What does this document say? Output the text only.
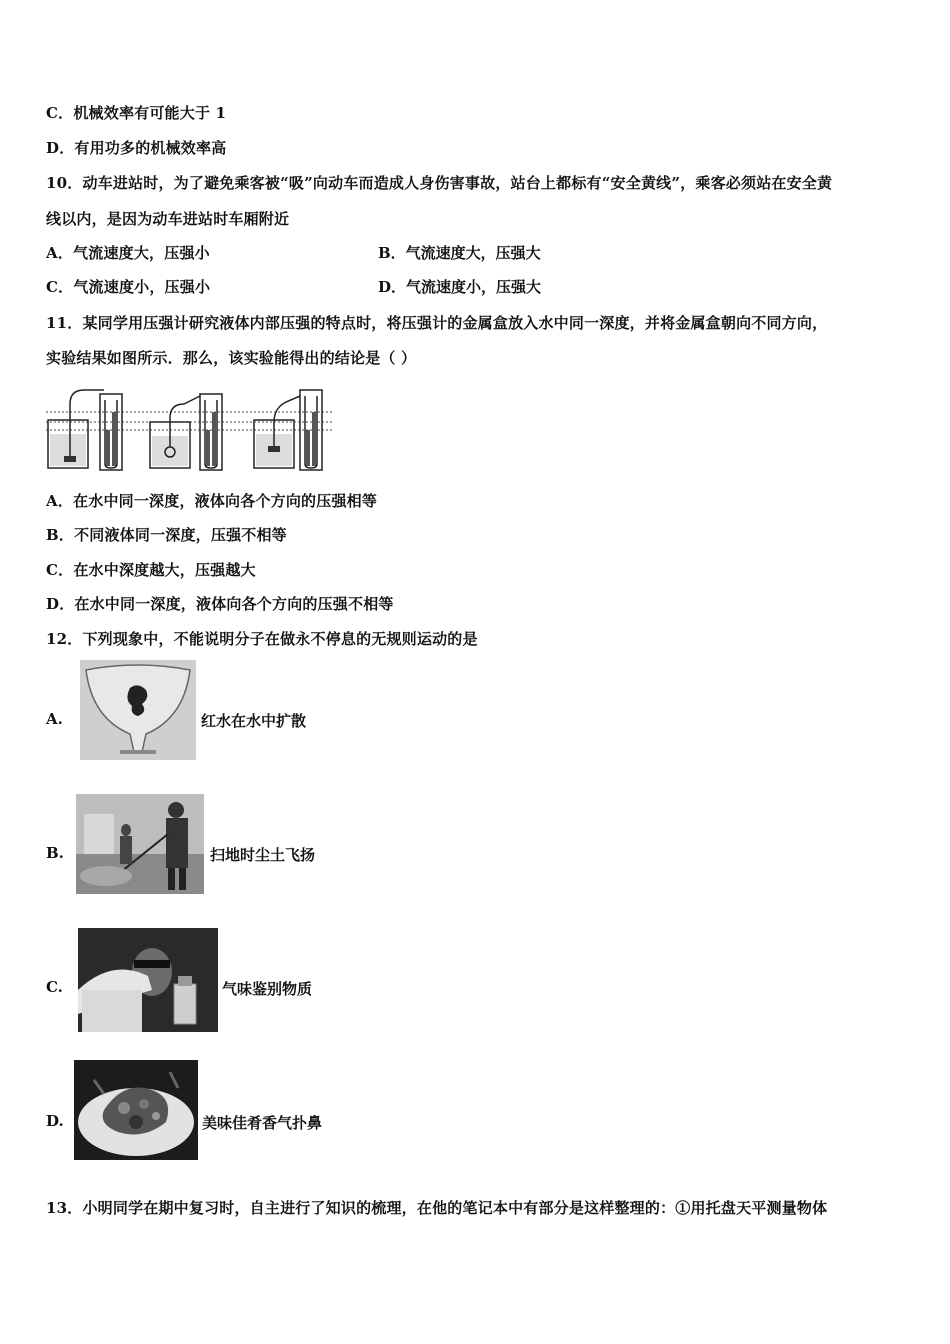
C．机械效率有可能大于 1
D．有用功多的机械效率高
10．动车进站时，为了避免乘客被“吸”向动车而造成人身伤害事故，站台上都标有“安全黄线”，乘客必须站在安全黄
线以内，是因为动车进站时车厢附近
A．气流速度大，压强小	B．气流速度大，压强大
C．气流速度小，压强小	D．气流速度小，压强大
11．某同学用压强计研究液体内部压强的特点时，将压强计的金属盒放入水中同一深度，并将金属盒朝向不同方向，
实验结果如图所示．那么，该实验能得出的结论是（ ）
A．在水中同一深度，液体向各个方向的压强相等
B．不同液体同一深度，压强不相等
C．在水中深度越大，压强越大
D．在水中同一深度，液体向各个方向的压强不相等
12．下列现象中，不能说明分子在做永不停息的无规则运动的是
A.	红水在水中扩散
B.	扫地时尘土飞扬
C.	气味鉴别物质
D.	美味佳肴香气扑鼻
13．小明同学在期中复习时，自主进行了知识的梳理，在他的笔记本中有部分是这样整理的：①用托盘天平测量物体
